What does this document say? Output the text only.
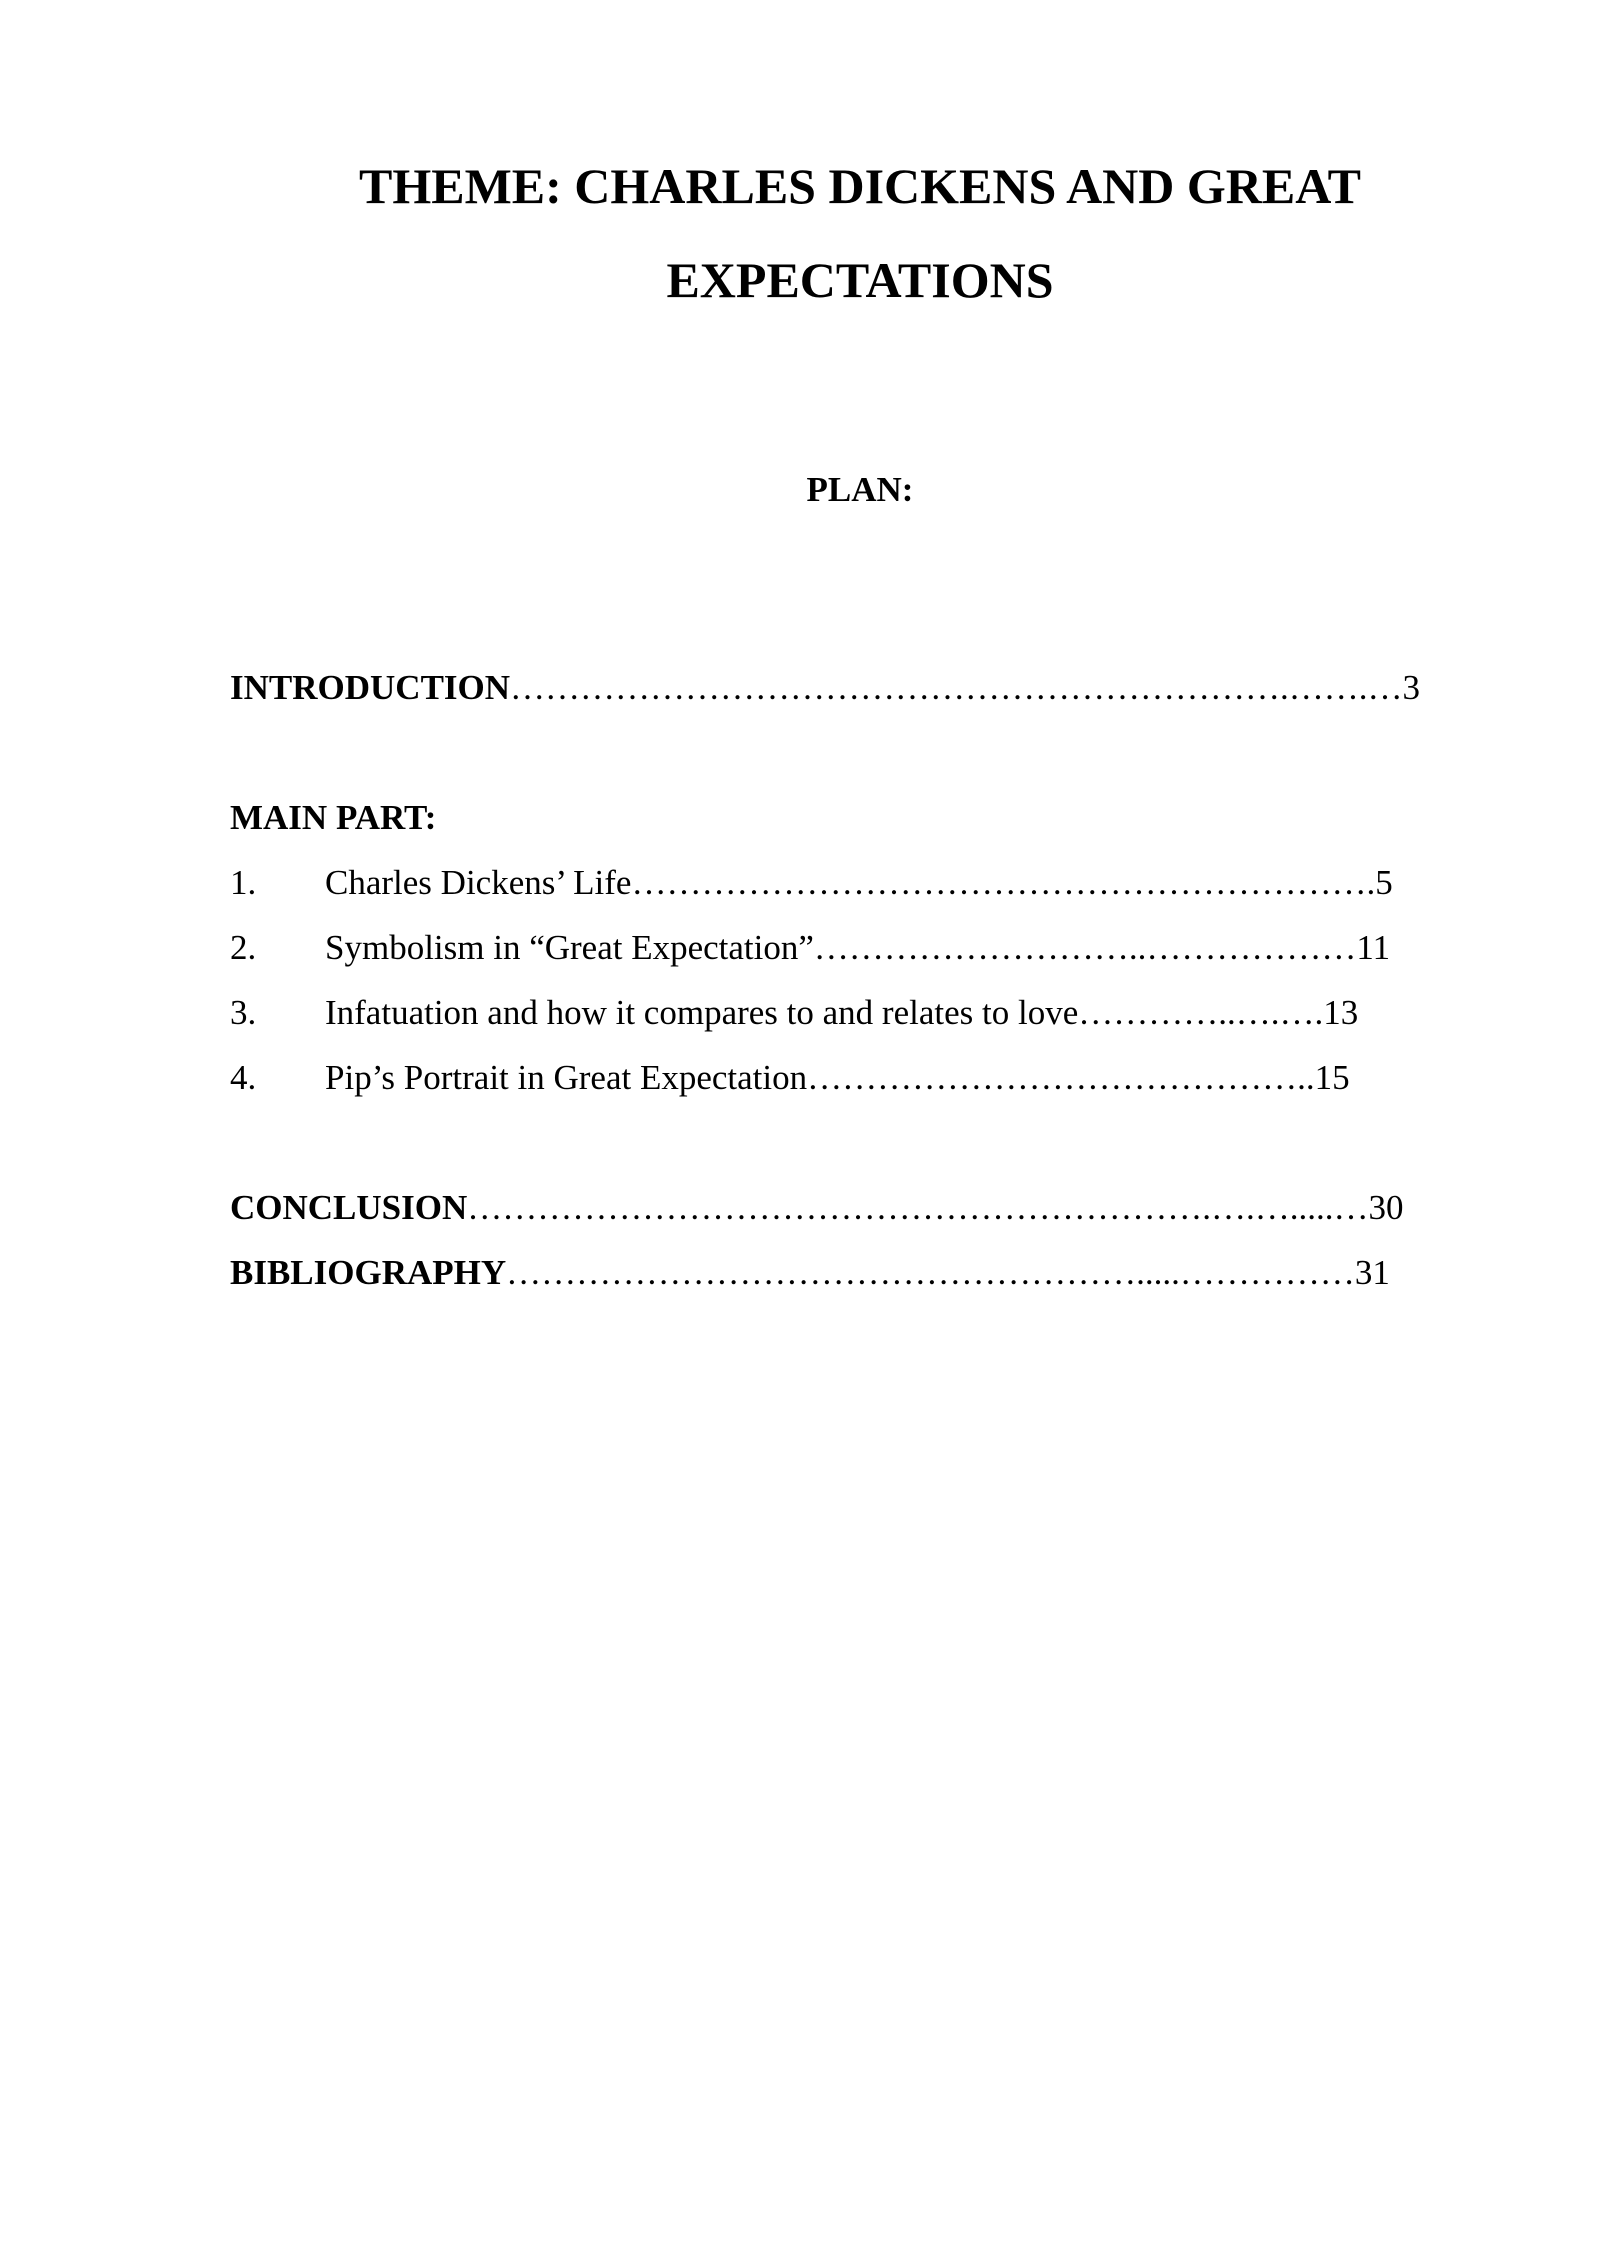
THEME: CHARLES DICKENS AND GREAT
EXPECTATIONS
PLAN:
INTRODUCTION………………………………………………………….…….…3
MAIN PART:
1. Charles Dickens’ Life……………………………………………………….5
2. Symbolism in “Great Expectation”………………………..………………11
3. Infatuation and how it compares to and relates to love…………..….….13
4. Pip’s Portrait in Great Expectation……………………………………..15
CONCLUSION……………………………………………………….….….....…30
BIBLIOGRAPHY……………………………………………….....……………31
